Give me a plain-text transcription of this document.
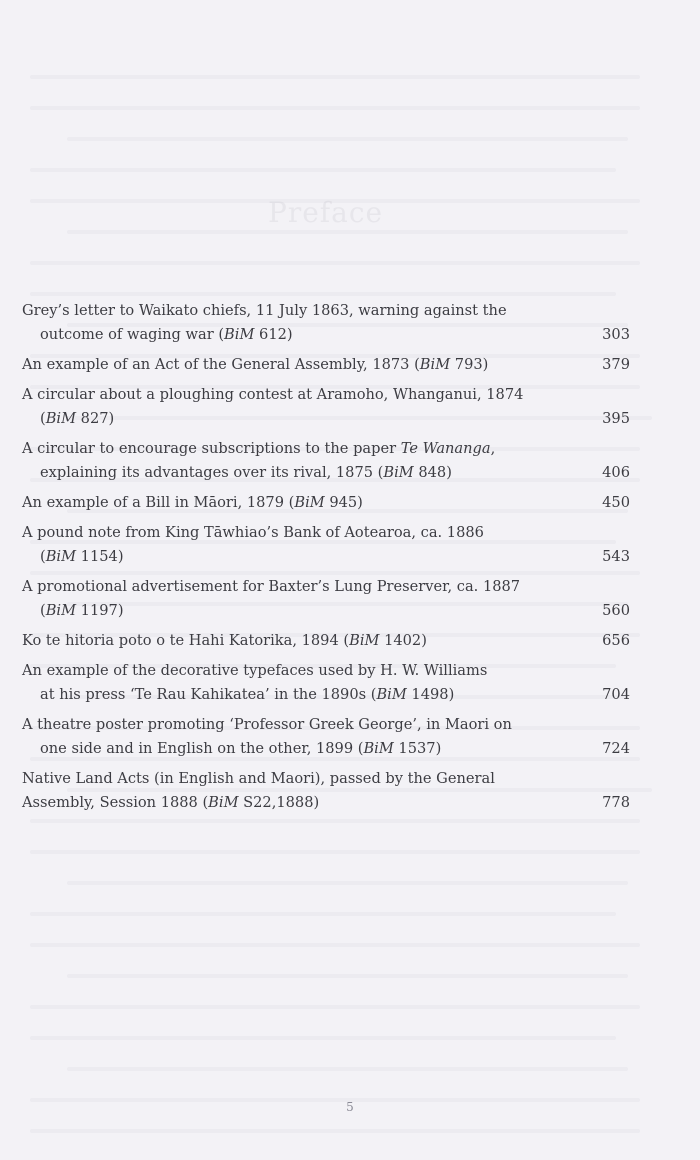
Preface
Grey’s letter to Waikato chiefs, 11 July 1863, warning against the
outcome of waging war (BiM 612)	303
An example of an Act of the General Assembly, 1873 (BiM 793)	379
A circular about a ploughing contest at Aramoho, Whanganui, 1874
(BiM 827)	395
A circular to encourage subscriptions to the paper Te Wananga,
explaining its advantages over its rival, 1875 (BiM 848)	406
An example of a Bill in Māori, 1879 (BiM 945)	450
A pound note from King Tāwhiao’s Bank of Aotearoa, ca. 1886
(BiM 1154)	543
A promotional advertisement for Baxter’s Lung Preserver, ca. 1887
(BiM 1197)	560
Ko te hitoria poto o te Hahi Katorika, 1894 (BiM 1402)	656
An example of the decorative typefaces used by H. W. Williams
at his press ‘Te Rau Kahikatea’ in the 1890s (BiM 1498)	704
A theatre poster promoting ‘Professor Greek George’, in Maori on
one side and in English on the other, 1899 (BiM 1537)	724
Native Land Acts (in English and Maori), passed by the General
Assembly, Session 1888 (BiM S22,1888)	778
5
